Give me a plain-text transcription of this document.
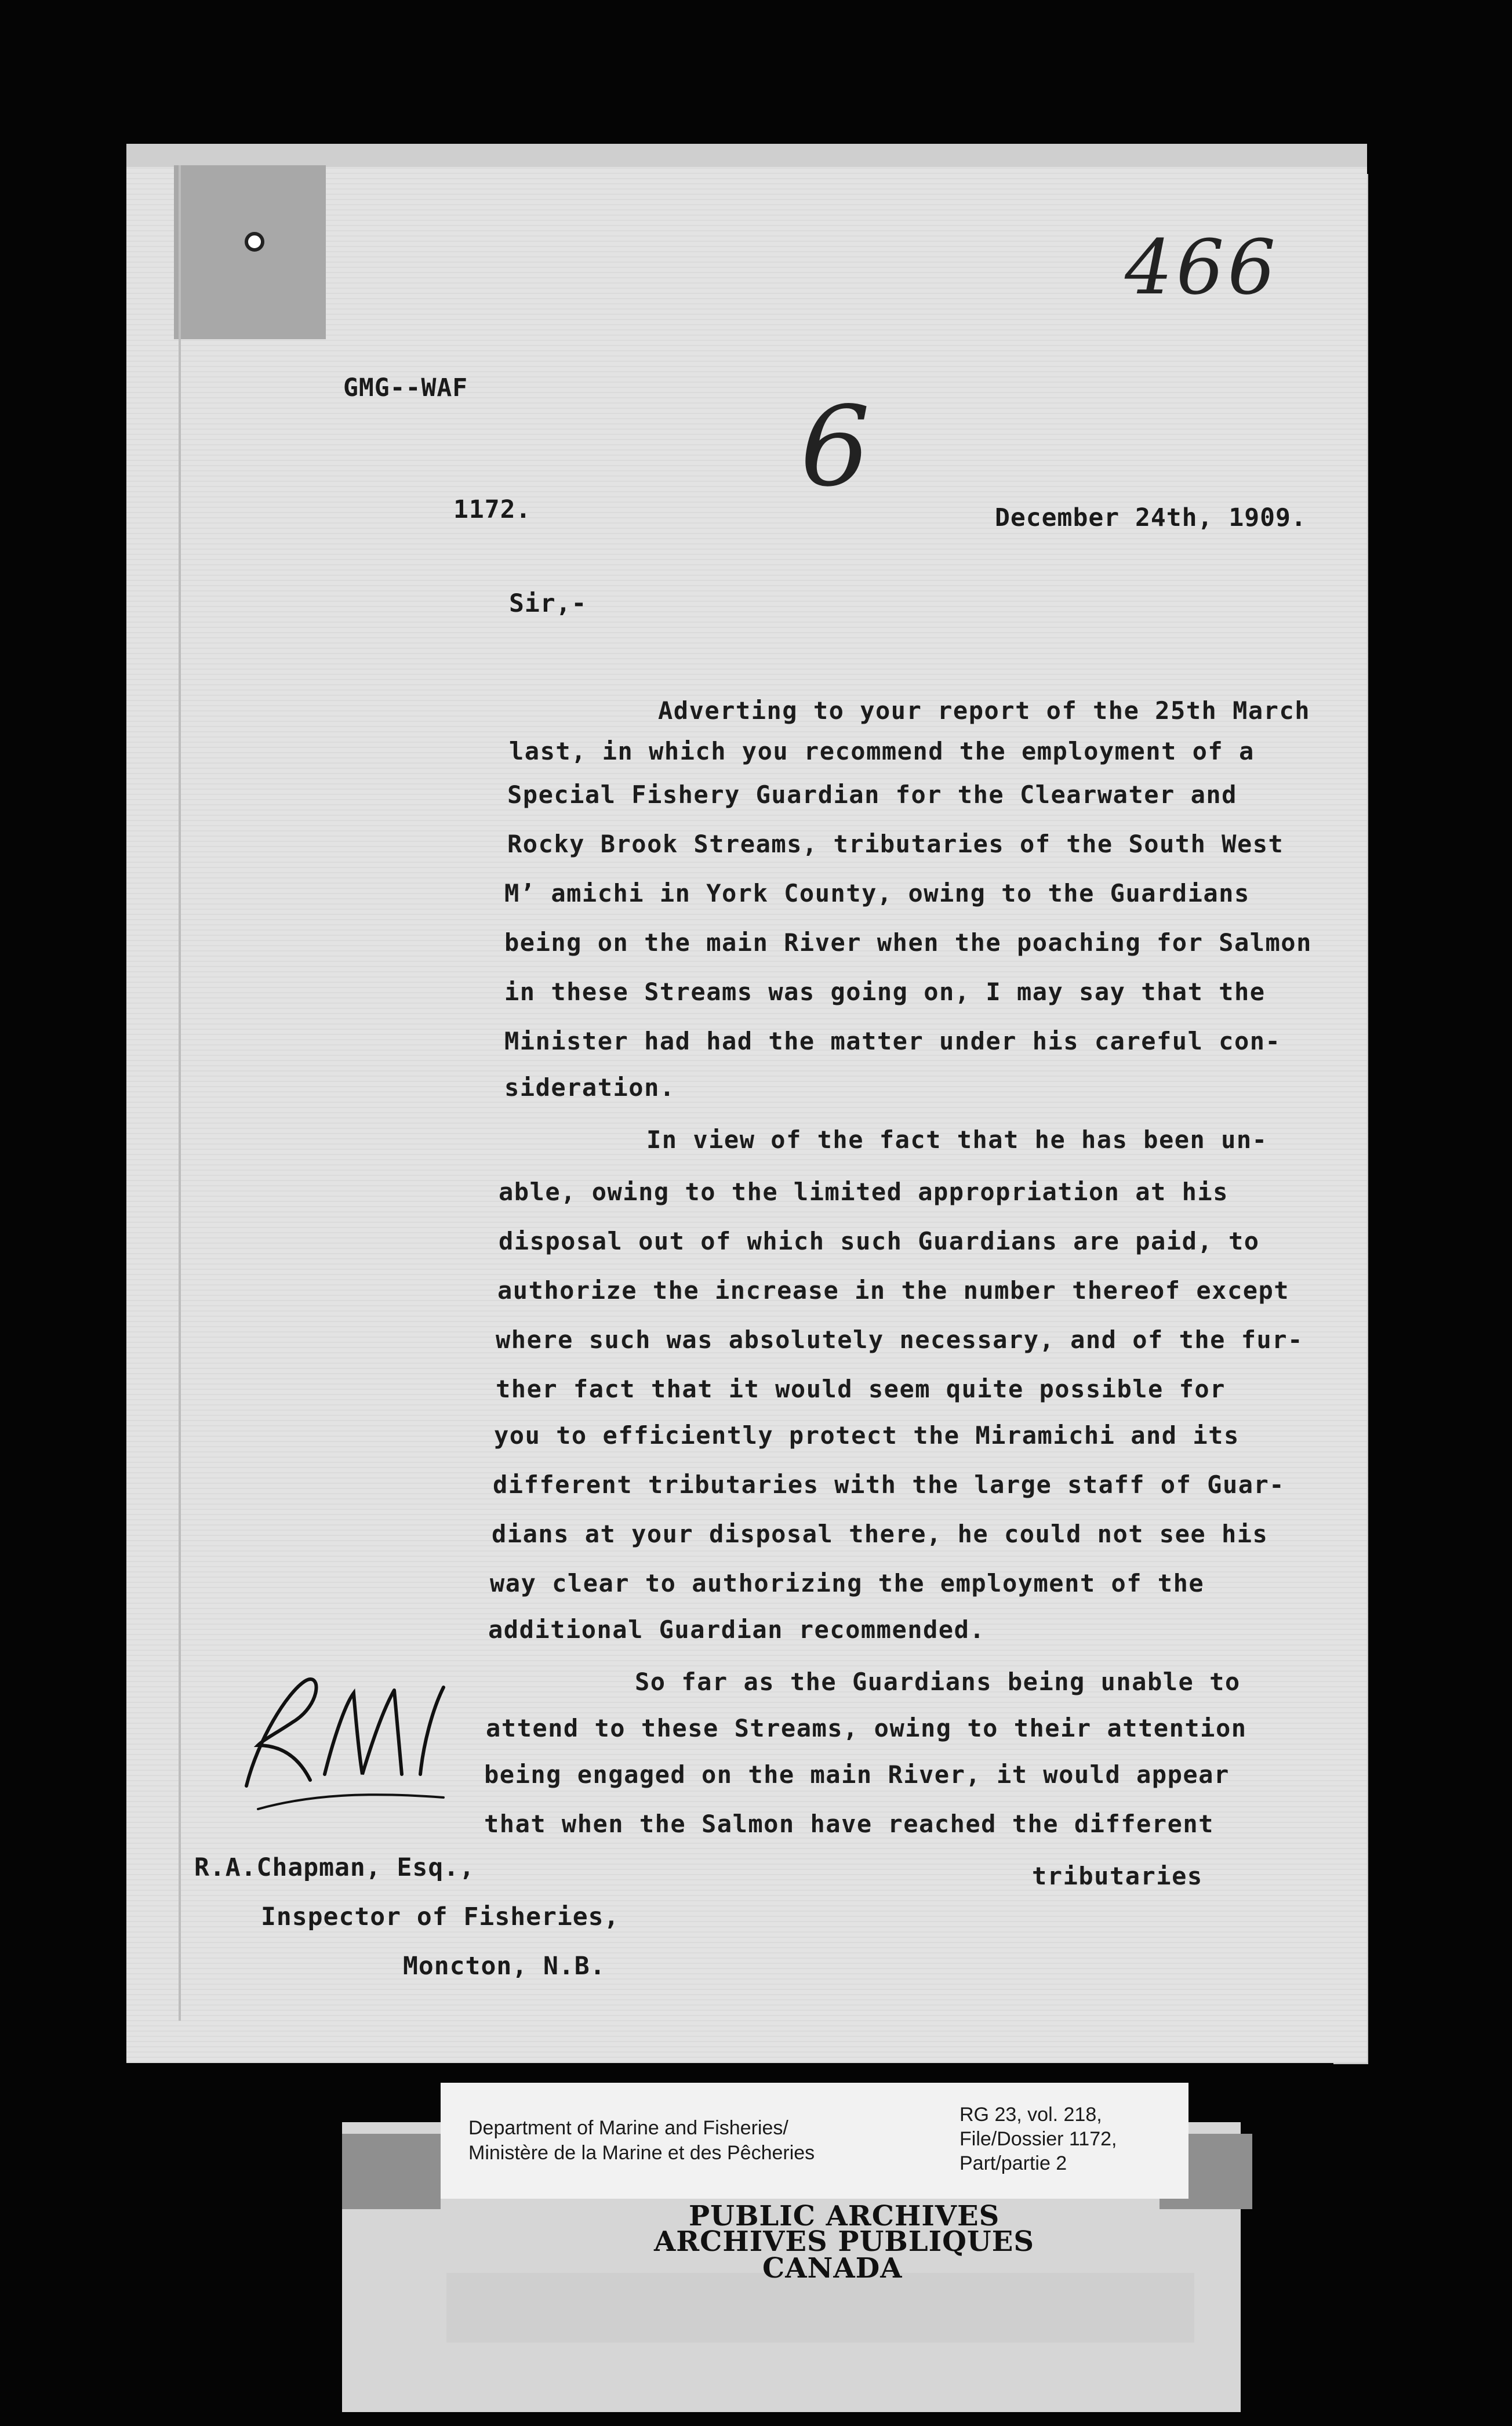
466
6
GMG--WAF
1172.	December 24th, 1909.
Sir,-
Adverting to your report of the 25th March
last, in which you recommend the employment of a
Special Fishery Guardian for the Clearwater and
Rocky Brook Streams, tributaries of the South West
M’ amichi in York County, owing to the Guardians
being on the main River when the poaching for Salmon
in these Streams was going on, I may say that the
Minister had had the matter under his careful con-
sideration.
In view of the fact that he has been un-
able, owing to the limited appropriation at his
disposal out of which such Guardians are paid, to
authorize the increase in the number thereof except
where such was absolutely necessary, and of the fur-
ther fact that it would seem quite possible for
you to efficiently protect the Miramichi and its
different tributaries with the large staff of Guar-
dians at your disposal there, he could not see his
way clear to authorizing the employment of the
additional Guardian recommended.
So far as the Guardians being unable to
attend to these Streams, owing to their attention
being engaged on the main River, it would appear
that when the Salmon have reached the different
tributaries
R.A.Chapman, Esq.,
Inspector of Fisheries,
Moncton, N.B.
Department of Marine and Fisheries/
Ministère de la Marine et des Pêcheries
RG 23, vol. 218,
File/Dossier 1172,
Part/partie 2
PUBLIC ARCHIVES
ARCHIVES PUBLIQUES
CANADA
